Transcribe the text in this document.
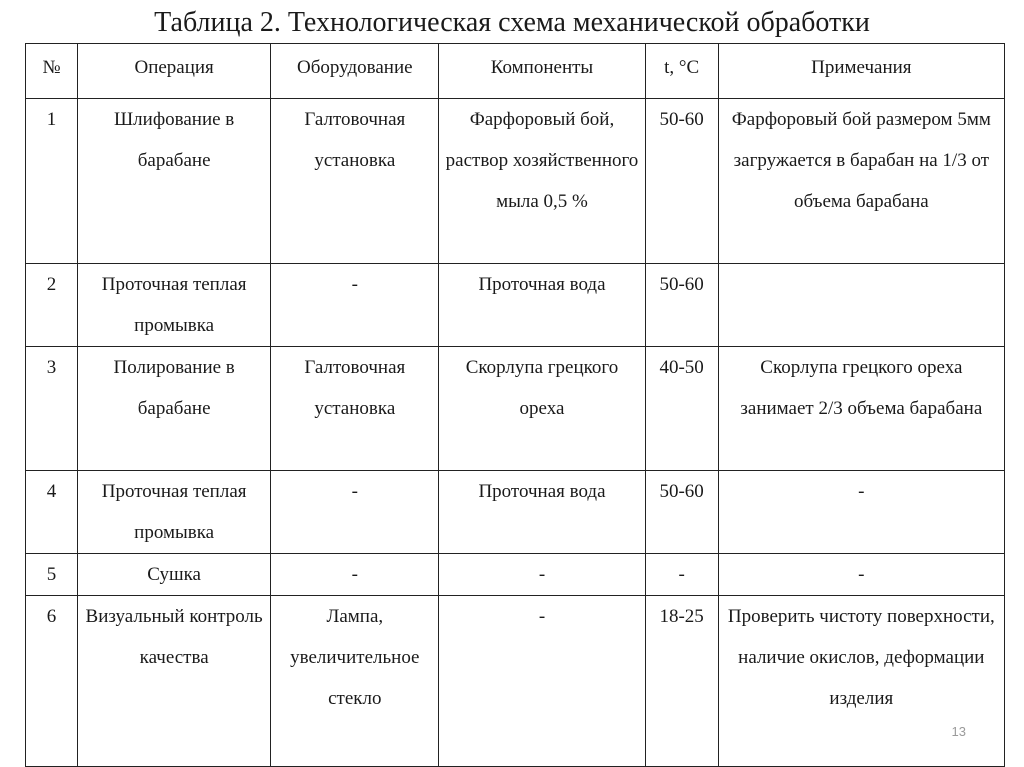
Таблица 2. Технологическая схема механической обработки
№	Операция	Оборудование	Компоненты	t, °C	Примечания
1	Шлифование в барабане	Галтовочная установка	Фарфоровый бой, раствор хозяйственного мыла 0,5 %	50-60	Фарфоровый бой размером 5мм загружается в барабан на 1/3 от объема барабана
2	Проточная теплая промывка	-	Проточная вода	50-60	
3	Полирование в барабане	Галтовочная установка	Скорлупа грецкого ореха	40-50	Скорлупа грецкого ореха занимает 2/3 объема барабана
4	Проточная теплая промывка	-	Проточная вода	50-60	-
5	Сушка	-	-	-	-
6	Визуальный контроль качества	Лампа, увеличительное стекло	-	18-25	Проверить чистоту поверхности, наличие окислов, деформации изделия
13
